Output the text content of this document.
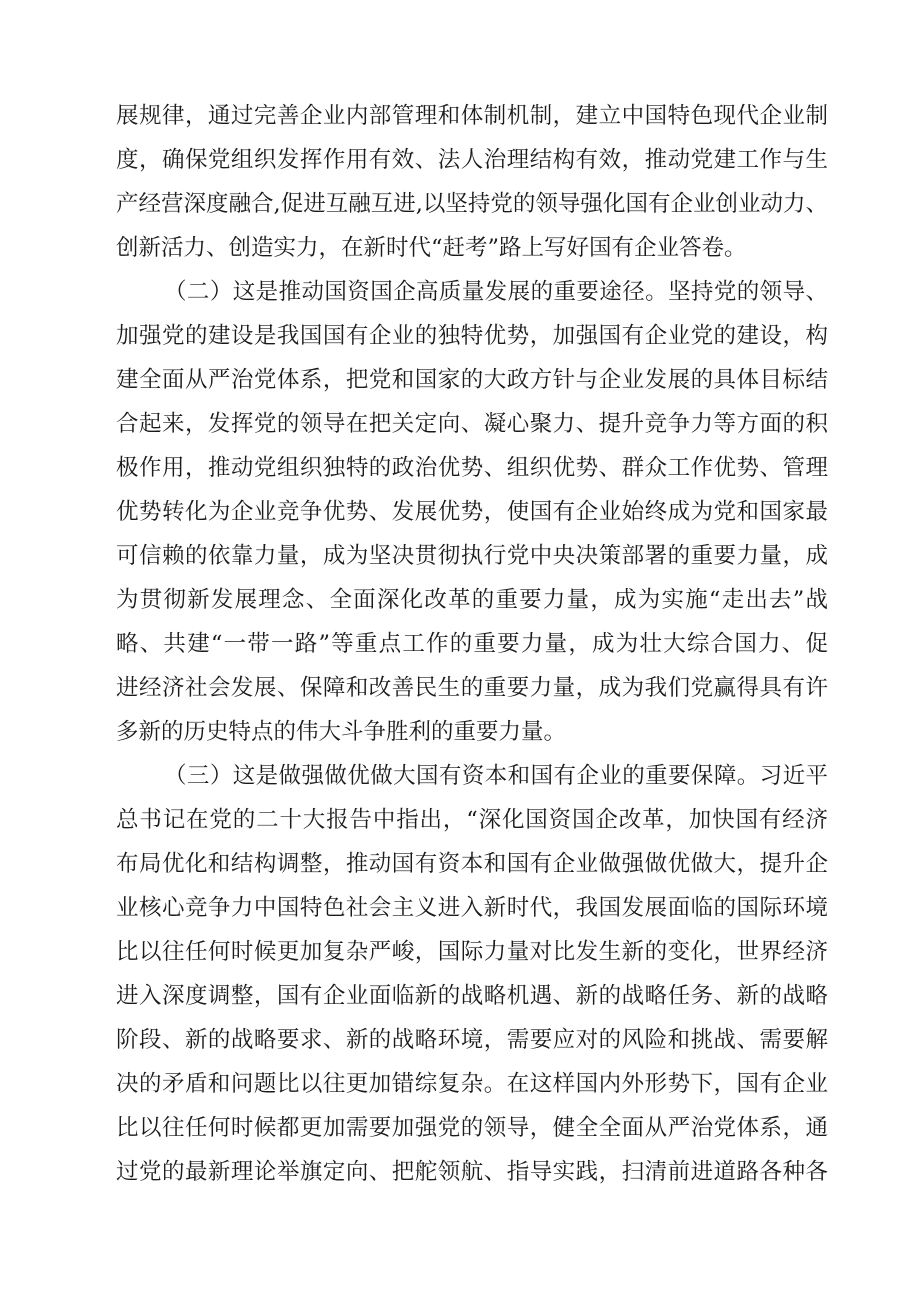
展规律，通过完善企业内部管理和体制机制，建立中国特色现代企业制
度，确保党组织发挥作用有效、法人治理结构有效，推动党建工作与生
产经营深度融合,促进互融互进,以坚持党的领导强化国有企业创业动力、
创新活力、创造实力，在新时代“赶考”路上写好国有企业答卷。
（二）这是推动国资国企高质量发展的重要途径。坚持党的领导、
加强党的建设是我国国有企业的独特优势，加强国有企业党的建设，构
建全面从严治党体系，把党和国家的大政方针与企业发展的具体目标结
合起来，发挥党的领导在把关定向、凝心聚力、提升竞争力等方面的积
极作用，推动党组织独特的政治优势、组织优势、群众工作优势、管理
优势转化为企业竞争优势、发展优势，使国有企业始终成为党和国家最
可信赖的依靠力量，成为坚决贯彻执行党中央决策部署的重要力量，成
为贯彻新发展理念、全面深化改革的重要力量，成为实施“走出去”战
略、共建“一带一路”等重点工作的重要力量，成为壮大综合国力、促
进经济社会发展、保障和改善民生的重要力量，成为我们党赢得具有许
多新的历史特点的伟大斗争胜利的重要力量。
（三）这是做强做优做大国有资本和国有企业的重要保障。习近平
总书记在党的二十大报告中指出，“深化国资国企改革，加快国有经济
布局优化和结构调整，推动国有资本和国有企业做强做优做大，提升企
业核心竞争力中国特色社会主义进入新时代，我国发展面临的国际环境
比以往任何时候更加复杂严峻，国际力量对比发生新的变化，世界经济
进入深度调整，国有企业面临新的战略机遇、新的战略任务、新的战略
阶段、新的战略要求、新的战略环境，需要应对的风险和挑战、需要解
决的矛盾和问题比以往更加错综复杂。在这样国内外形势下，国有企业
比以往任何时候都更加需要加强党的领导，健全全面从严治党体系，通
过党的最新理论举旗定向、把舵领航、指导实践，扫清前进道路各种各
